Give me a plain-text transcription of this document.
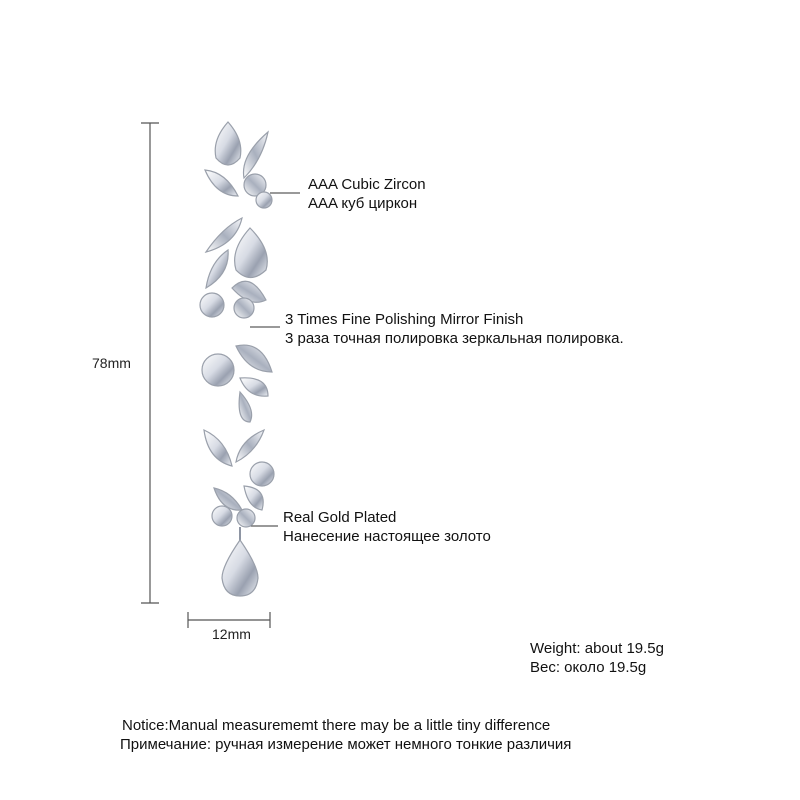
78mm
12mm
AAA Cubic Zircon
AAA куб циркон
3 Times Fine Polishing Mirror Finish
3 раза точная полировка зеркальная полировка.
Real Gold Plated
Нанесение настоящее золото
Weight: about 19.5g
Вес: около 19.5g
Notice:Manual measurememt there may be a little tiny difference
Примечание: ручная измерение может немного тонкие различия
